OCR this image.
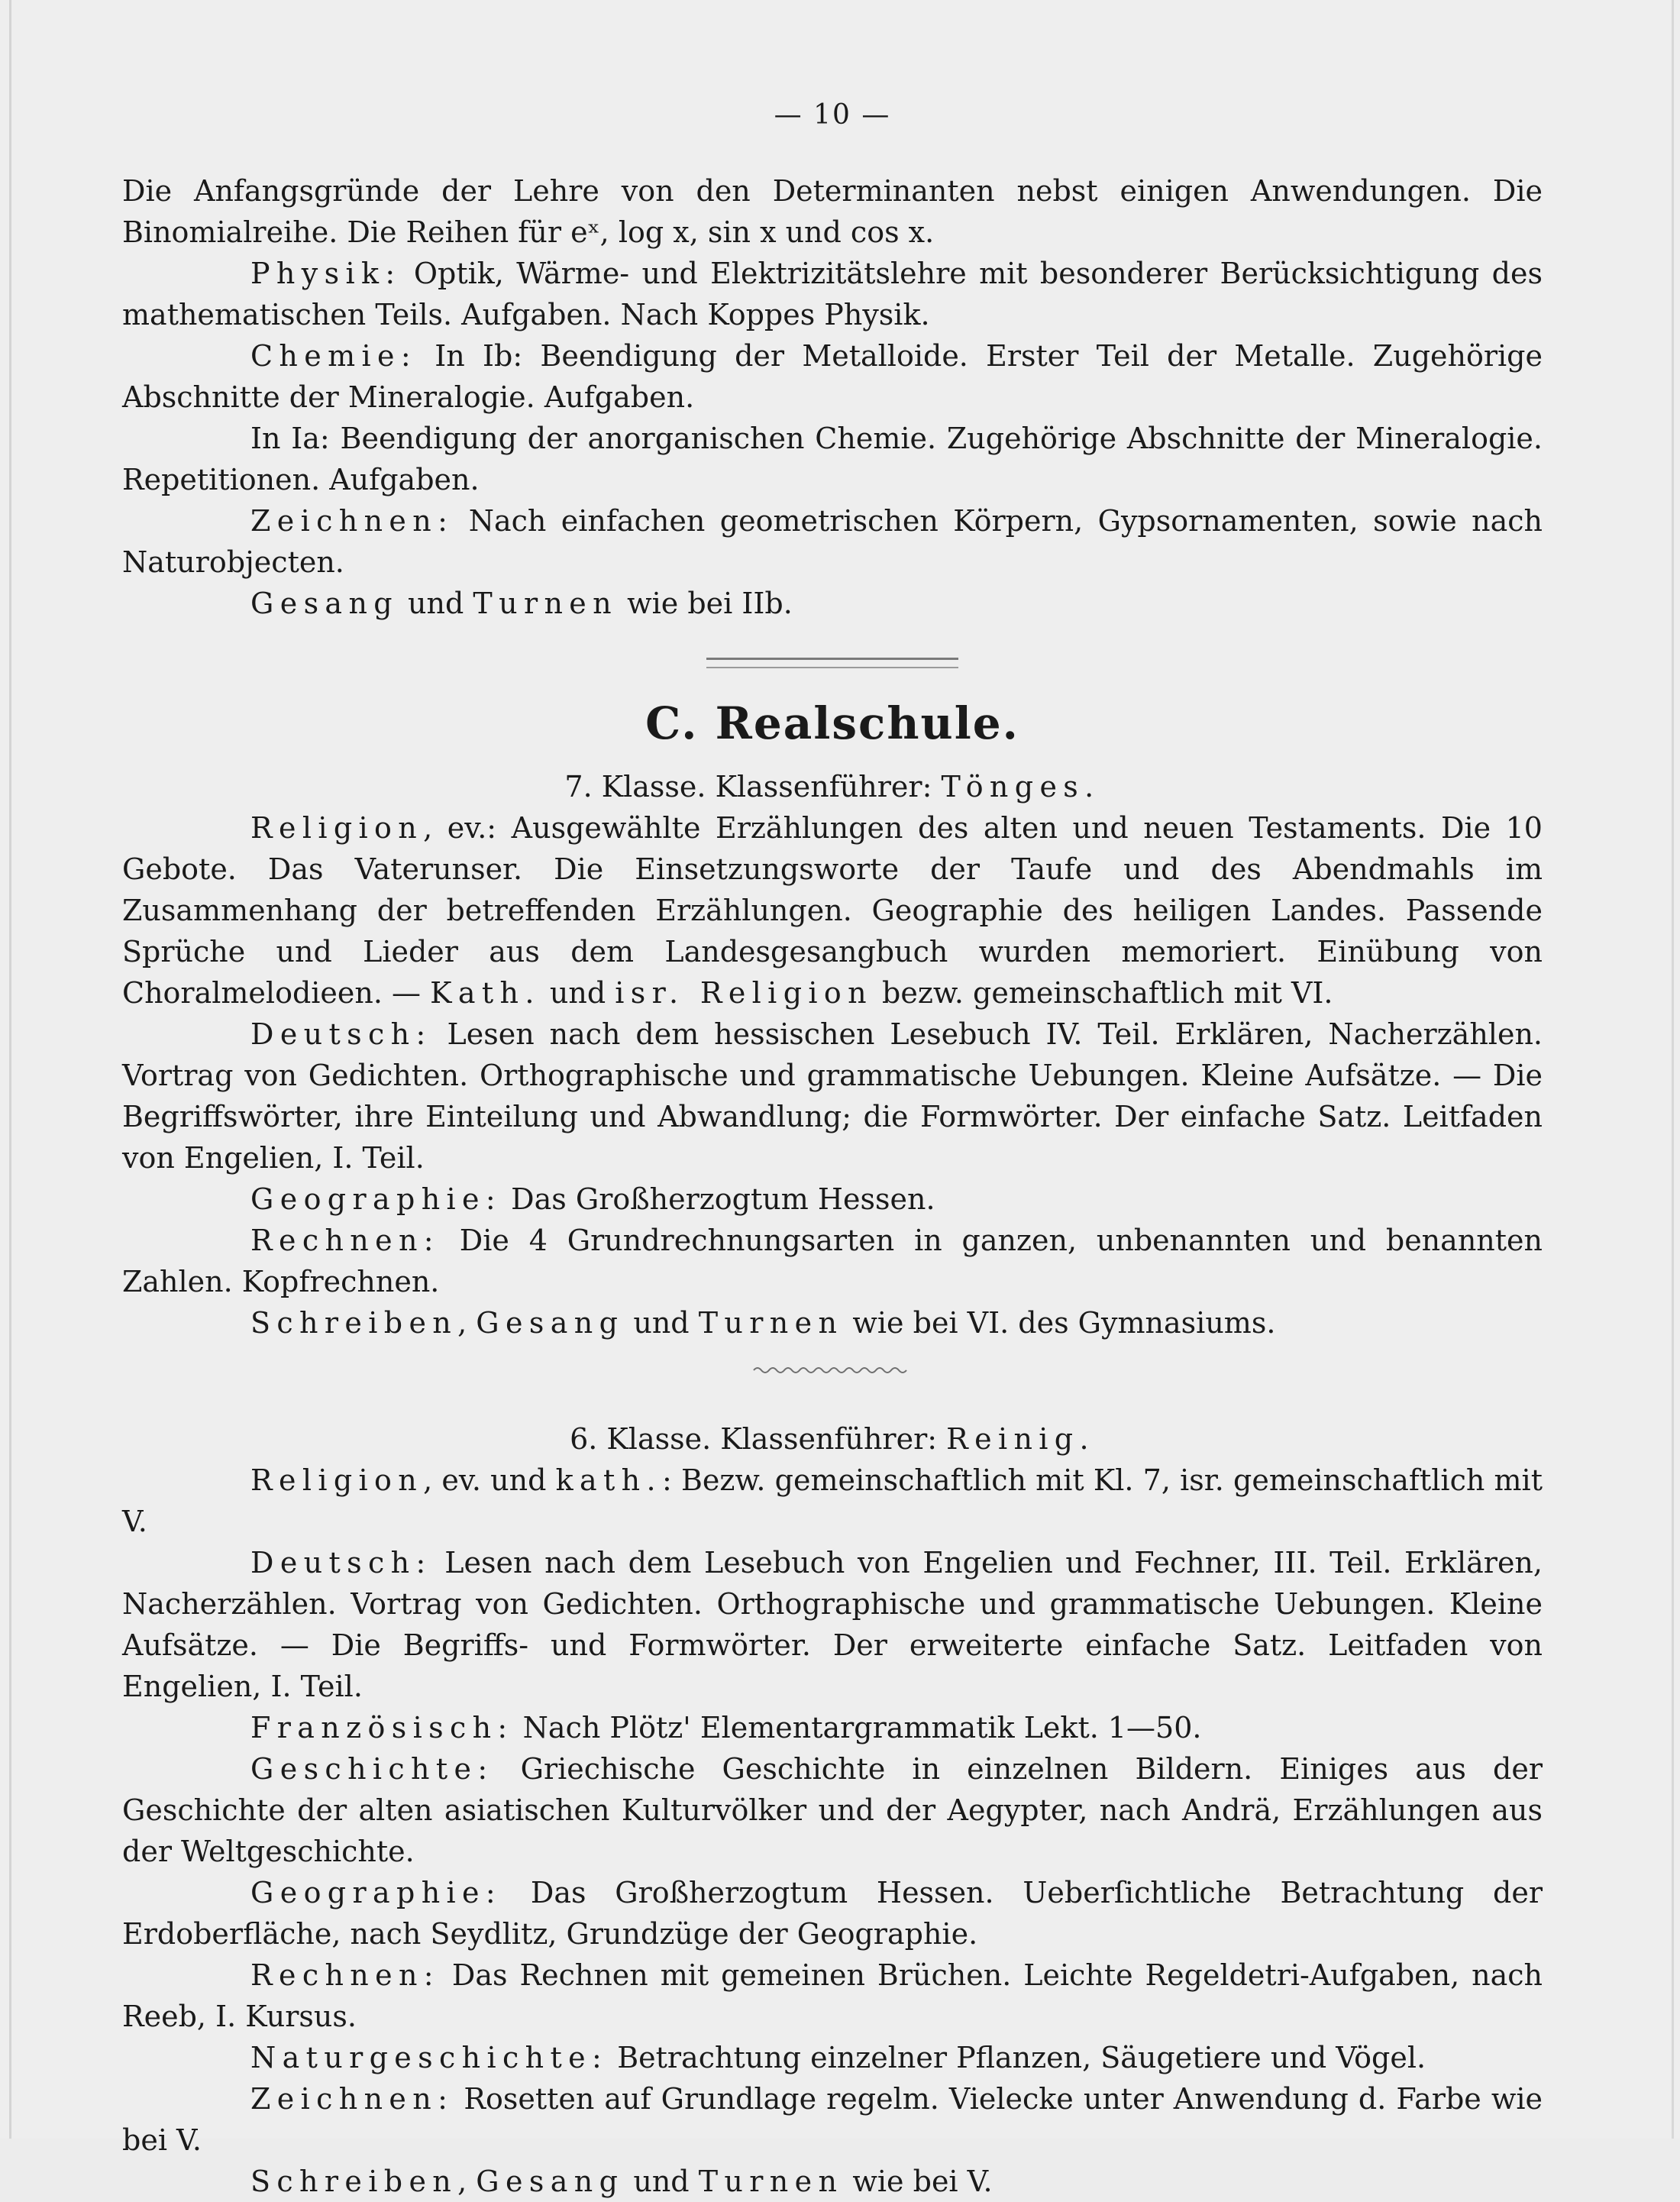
— 10 —

Die Anfangsgründe der Lehre von den Determinanten nebst einigen Anwendungen. Die Binomialreihe. Die Reihen für eˣ, log x, sin x und cos x.

Physik: Optik, Wärme- und Elektrizitätslehre mit besonderer Berücksichtigung des mathematischen Teils. Aufgaben. Nach Koppes Physik.

Chemie: In Ib: Beendigung der Metalloide. Erster Teil der Metalle. Zugehörige Abschnitte der Mineralogie. Aufgaben.

In Ia: Beendigung der anorganischen Chemie. Zugehörige Abschnitte der Mineralogie. Repetitionen. Aufgaben.

Zeichnen: Nach einfachen geometrischen Körpern, Gypsornamenten, sowie nach Naturobjecten.

Gesang und Turnen wie bei IIb.

C. Realschule.
7. Klasse. Klassenführer: Tönges.

Religion, ev.: Ausgewählte Erzählungen des alten und neuen Testaments. Die 10 Gebote. Das Vaterunser. Die Einsetzungsworte der Taufe und des Abendmahls im Zusammenhang der betreffenden Erzählungen. Geographie des heiligen Landes. Passende Sprüche und Lieder aus dem Landesgesangbuch wurden memoriert. Einübung von Choralmelodieen. — Kath. und isr. Religion bezw. gemeinschaftlich mit VI.

Deutsch: Lesen nach dem hessischen Lesebuch IV. Teil. Erklären, Nacherzählen. Vortrag von Gedichten. Orthographische und grammatische Uebungen. Kleine Aufsätze. — Die Begriffswörter, ihre Einteilung und Abwandlung; die Formwörter. Der einfache Satz. Leitfaden von Engelien, I. Teil.

Geographie: Das Großherzogtum Hessen.

Rechnen: Die 4 Grundrechnungsarten in ganzen, unbenannten und benannten Zahlen. Kopfrechnen.

Schreiben, Gesang und Turnen wie bei VI. des Gymnasiums.

6. Klasse. Klassenführer: Reinig.

Religion, ev. und kath.: Bezw. gemeinschaftlich mit Kl. 7, isr. gemeinschaftlich mit V.

Deutsch: Lesen nach dem Lesebuch von Engelien und Fechner, III. Teil. Erklären, Nacherzählen. Vortrag von Gedichten. Orthographische und grammatische Uebungen. Kleine Aufsätze. — Die Begriffs- und Formwörter. Der erweiterte einfache Satz. Leitfaden von Engelien, I. Teil.

Französisch: Nach Plötz' Elementargrammatik Lekt. 1—50.

Geschichte: Griechische Geschichte in einzelnen Bildern. Einiges aus der Geschichte der alten asiatischen Kulturvölker und der Aegypter, nach Andrä, Erzählungen aus der Weltgeschichte.

Geographie: Das Großherzogtum Hessen. Ueberſichtliche Betrachtung der Erdoberfläche, nach Seydlitz, Grundzüge der Geographie.

Rechnen: Das Rechnen mit gemeinen Brüchen. Leichte Regeldetri-Aufgaben, nach Reeb, I. Kursus.

Naturgeschichte: Betrachtung einzelner Pflanzen, Säugetiere und Vögel.

Zeichnen: Rosetten auf Grundlage regelm. Vielecke unter Anwendung d. Farbe wie bei V.

Schreiben, Gesang und Turnen wie bei V.
